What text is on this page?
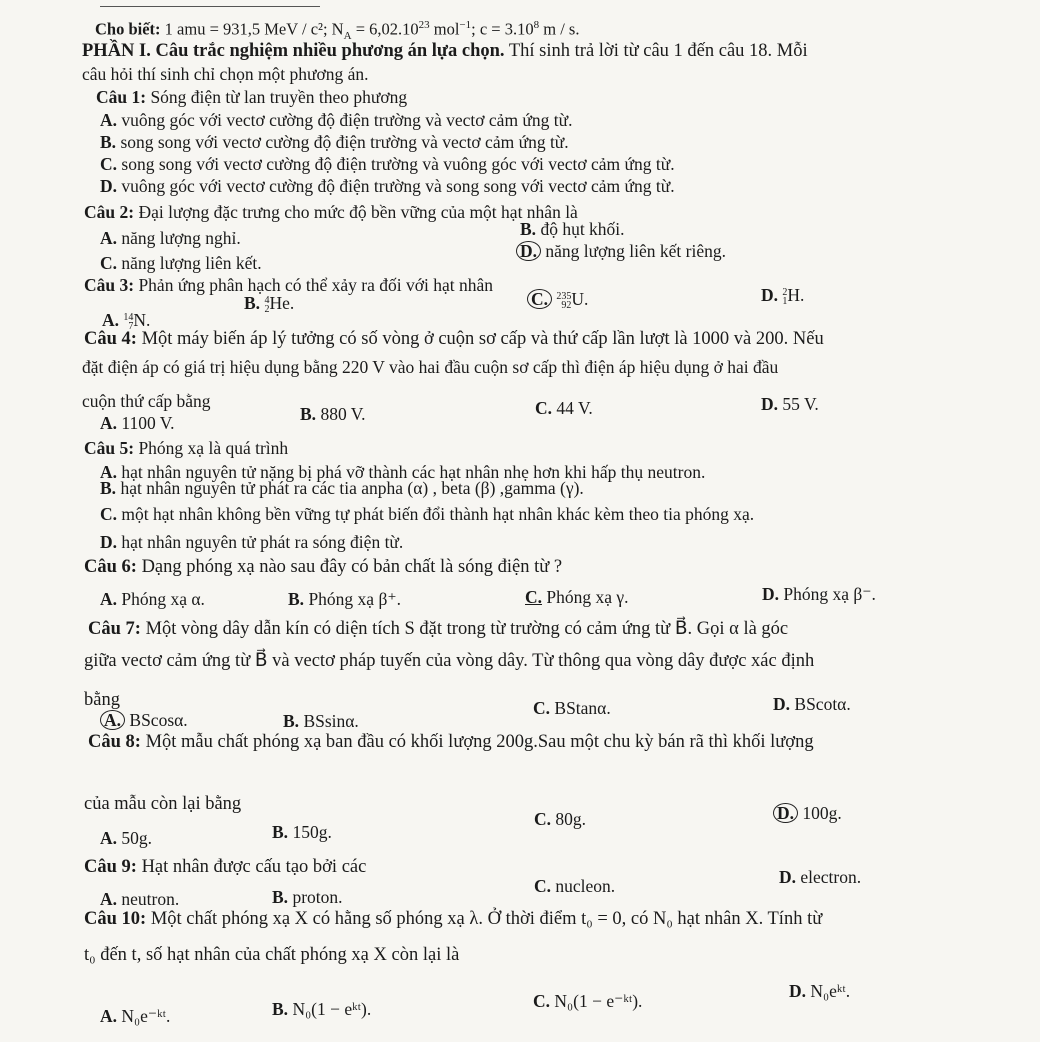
Cho biết: 1 amu = 931,5 MeV / c²; $N_A = 6,02.10^{23}$ mol$^{-1}$; $c = 3.10^8$ m / s.
PHẦN I. Câu trắc nghiệm nhiều phương án lựa chọn. Thí sinh trả lời từ câu 1 đến câu 18. Mỗi
câu hỏi thí sinh chỉ chọn một phương án.
Câu 1: Sóng điện từ lan truyền theo phương
A. vuông góc với vectơ cường độ điện trường và vectơ cảm ứng từ.
B. song song với vectơ cường độ điện trường và vectơ cảm ứng từ.
C. song song với vectơ cường độ điện trường và vuông góc với vectơ cảm ứng từ.
D. vuông góc với vectơ cường độ điện trường và song song với vectơ cảm ứng từ.
Câu 2: Đại lượng đặc trưng cho mức độ bền vững của một hạt nhân là
A. năng lượng nghỉ.	B. độ hụt khối.
C. năng lượng liên kết.
D. năng lượng liên kết riêng.
Câu 3: Phản ứng phân hạch có thể xảy ra đối với hạt nhân
A. 14
7N.
B. 4
2He.	C. 235
92U.	D. 2
1H.
Câu 4: Một máy biến áp lý tưởng có số vòng ở cuộn sơ cấp và thứ cấp lần lượt là 1000 và 200. Nếu
đặt điện áp có giá trị hiệu dụng bằng 220 V vào hai đầu cuộn sơ cấp thì điện áp hiệu dụng ở hai đầu
cuộn thứ cấp bằng
A. 1100 V.	B. 880 V.	C. 44 V.	D. 55 V.
Câu 5: Phóng xạ là quá trình
A. hạt nhân nguyên tử nặng bị phá vỡ thành các hạt nhân nhẹ hơn khi hấp thụ neutron.
B. hạt nhân nguyên tử phát ra các tia anpha (α) , beta (β) ,gamma (γ).
C. một hạt nhân không bền vững tự phát biến đổi thành hạt nhân khác kèm theo tia phóng xạ.
D. hạt nhân nguyên tử phát ra sóng điện từ.
Câu 6: Dạng phóng xạ nào sau đây có bản chất là sóng điện từ ?
A. Phóng xạ α.	B. Phóng xạ β⁺.	C. Phóng xạ γ.	D. Phóng xạ β⁻.
Câu 7: Một vòng dây dẫn kín có diện tích S đặt trong từ trường có cảm ứng từ B⃗. Gọi α là góc
giữa vectơ cảm ứng từ B⃗ và vectơ pháp tuyến của vòng dây. Từ thông qua vòng dây được xác định
bằng
A. BScosα.	B. BSsinα.
C. BStanα.	D. BScotα.
Câu 8: Một mẫu chất phóng xạ ban đầu có khối lượng 200g.Sau một chu kỳ bán rã thì khối lượng
của mẫu còn lại bằng
A. 50g.	B. 150g.
C. 80g.	D. 100g.
Câu 9: Hạt nhân được cấu tạo bởi các
A. neutron.	B. proton.
C. nucleon.	D. electron.
Câu 10: Một chất phóng xạ X có hằng số phóng xạ λ. Ở thời điểm t₀ = 0, có N₀ hạt nhân X. Tính từ
t₀ đến t, số hạt nhân của chất phóng xạ X còn lại là
A. N₀e⁻ᵏᵗ.	B. N₀(1 − eᵏᵗ).	C. N₀(1 − e⁻ᵏᵗ).	D. N₀eᵏᵗ.
